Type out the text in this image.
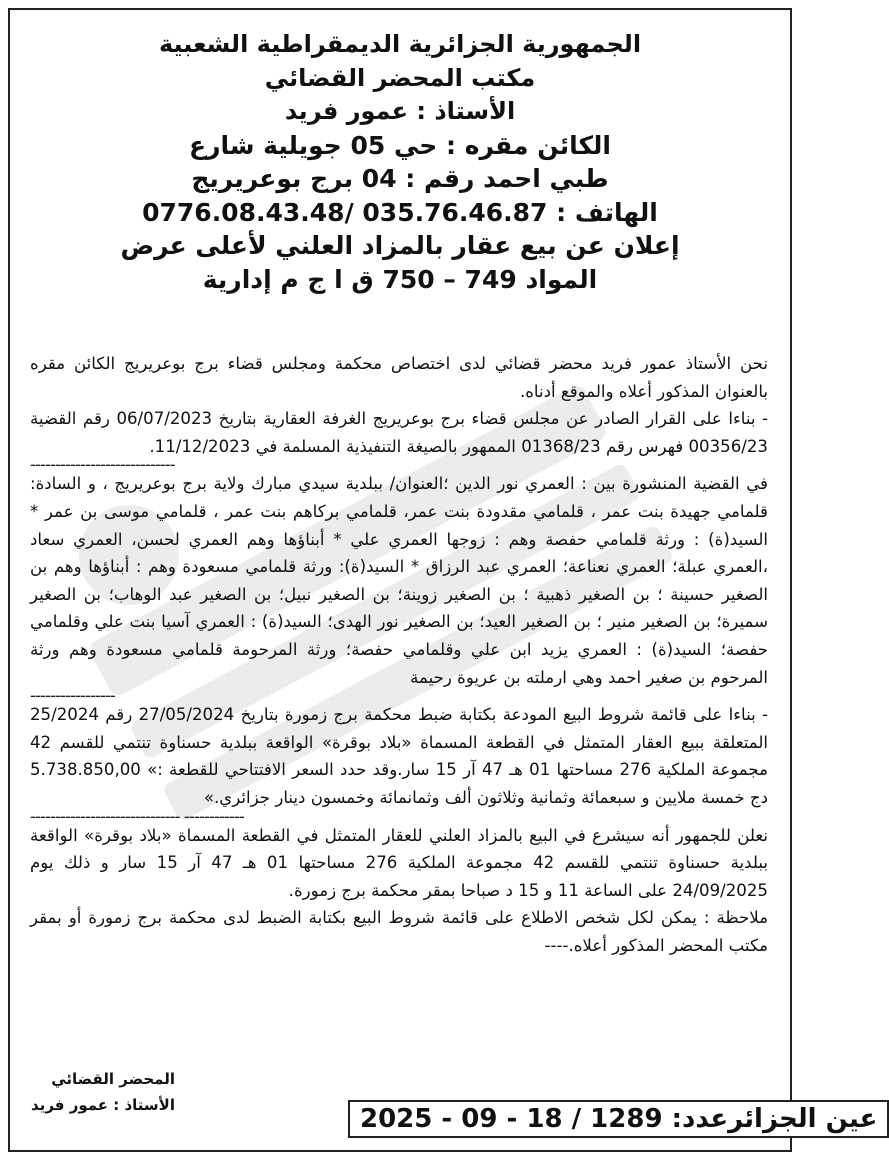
الجمهورية الجزائرية الديمقراطية الشعبية
مكتب المحضر القضائي
الأستاذ : عمور فريد
الكائن مقره : حي 05 جويلية شارع
طبي احمد رقم : 04 برج بوعريريج
الهاتف : 035.76.46.87 /0776.08.43.48
إعلان عن بيع عقار بالمزاد العلني لأعلى عرض
المواد 749 – 750 ق ا ج م إدارية

نحن الأستاذ عمور فريد محضر قضائي لدى اختصاص محكمة ومجلس قضاء برج بوعريريج الكائن مقره بالعنوان المذكور أعلاه والموقع أدناه.

- بناءا على القرار الصادر عن مجلس قضاء برج بوعريريج الغرفة العقارية بتاريخ 06/07/2023 رقم القضية 00356/23 فهرس رقم 01368/23 الممهور بالصيغة التنفيذية المسلمة في 11/12/2023.

-----------------------------

في القضية المنشورة بين : العمري نور الدين ؛العنوان/ ببلدية سيدي مبارك ولاية برج بوعريريج ، و السادة: قلمامي جهيدة بنت عمر ، قلمامي مقدودة بنت عمر، قلمامي بركاهم بنت عمر ، قلمامي موسى بن عمر * السيد(ة) : ورثة قلمامي حفصة وهم : زوجها العمري علي * أبناؤها وهم العمري لحسن، العمري سعاد ،العمري عبلة؛ العمري نعناعة؛ العمري عبد الرزاق * السيد(ة): ورثة قلمامي مسعودة وهم : أبناؤها وهم بن الصغير حسينة ؛ بن الصغير ذهبية ؛ بن الصغير زوينة؛ بن الصغير نبيل؛ بن الصغير عبد الوهاب؛ بن الصغير سميرة؛ بن الصغير منير ؛ بن الصغير العيد؛ بن الصغير نور الهدى؛ السيد(ة) : العمري آسيا بنت علي وقلمامي حفصة؛ السيد(ة) : العمري يزيد ابن علي وقلمامي حفصة؛ ورثة المرحومة قلمامي مسعودة وهم ورثة المرحوم بن صغير احمد وهي ارملته بن عريوة رحيمة

-----------------

- بناءا على قائمة شروط البيع المودعة بكتابة ضبط محكمة برج زمورة بتاريخ 27/05/2024 رقم 25/2024 المتعلقة ببيع العقار المتمثل في القطعة المسماة «بلاد بوقرة» الواقعة ببلدية حسناوة تنتمي للقسم 42 مجموعة الملكية 276 مساحتها 01 هـ 47 آر 15 سار.وقد حدد السعر الافتتاحي للقطعة :» 5.738.850,00 دج خمسة ملايين و سبعمائة وثمانية وثلاثون ألف وثمانمائة وخمسون دينار جزائري.»

------------------------------ ------------

نعلن للجمهور أنه سيشرع في البيع بالمزاد العلني للعقار المتمثل في القطعة المسماة «بلاد بوقرة» الواقعة ببلدية حسناوة تنتمي للقسم 42 مجموعة الملكية 276 مساحتها 01 هـ 47 آر 15 سار و ذلك يوم 24/09/2025 على الساعة 11 و 15 د صباحا بمقر محكمة برج زمورة.

ملاحظة : يمكن لكل شخص الاطلاع على قائمة شروط البيع بكتابة الضبط لدى محكمة برج زمورة أو بمقر مكتب المحضر المذكور أعلاه.----

المحضر القضائي
الأستاذ : عمور فريد	عين الجزائرعدد: 1289 / 18 - 09 - 2025
